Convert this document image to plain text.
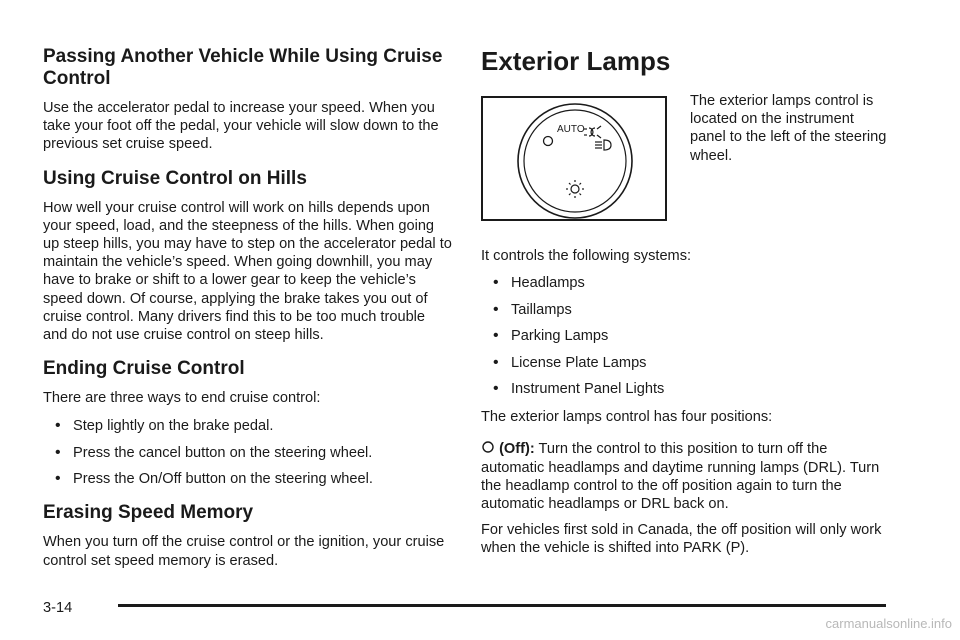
Passing Another Vehicle While Using Cruise Control

Use the accelerator pedal to increase your speed. When you take your foot off the pedal, your vehicle will slow down to the previous set cruise speed.

Using Cruise Control on Hills

How well your cruise control will work on hills depends upon your speed, load, and the steepness of the hills. When going up steep hills, you may have to step on the accelerator pedal to maintain the vehicle’s speed. When going downhill, you may have to brake or shift to a lower gear to keep the vehicle’s speed down. Of course, applying the brake takes you out of cruise control. Many drivers find this to be too much trouble and do not use cruise control on steep hills.

Ending Cruise Control

There are three ways to end cruise control:

• Step lightly on the brake pedal.
• Press the cancel button on the steering wheel.
• Press the On/Off button on the steering wheel.
Erasing Speed Memory

When you turn off the cruise control or the ignition, your cruise control set speed memory is erased.

Exterior Lamps
AUTO
The exterior lamps control is located on the instrument panel to the left of the steering wheel.

It controls the following systems:

• Headlamps
• Taillamps
• Parking Lamps
• License Plate Lamps
• Instrument Panel Lights

The exterior lamps control has four positions:

(Off): Turn the control to this position to turn off the automatic headlamps and daytime running lamps (DRL). Turn the headlamp control to the off position again to turn the automatic headlamps or DRL back on.

For vehicles first sold in Canada, the off position will only work when the vehicle is shifted into PARK (P).

3-14
carmanualsonline.info
